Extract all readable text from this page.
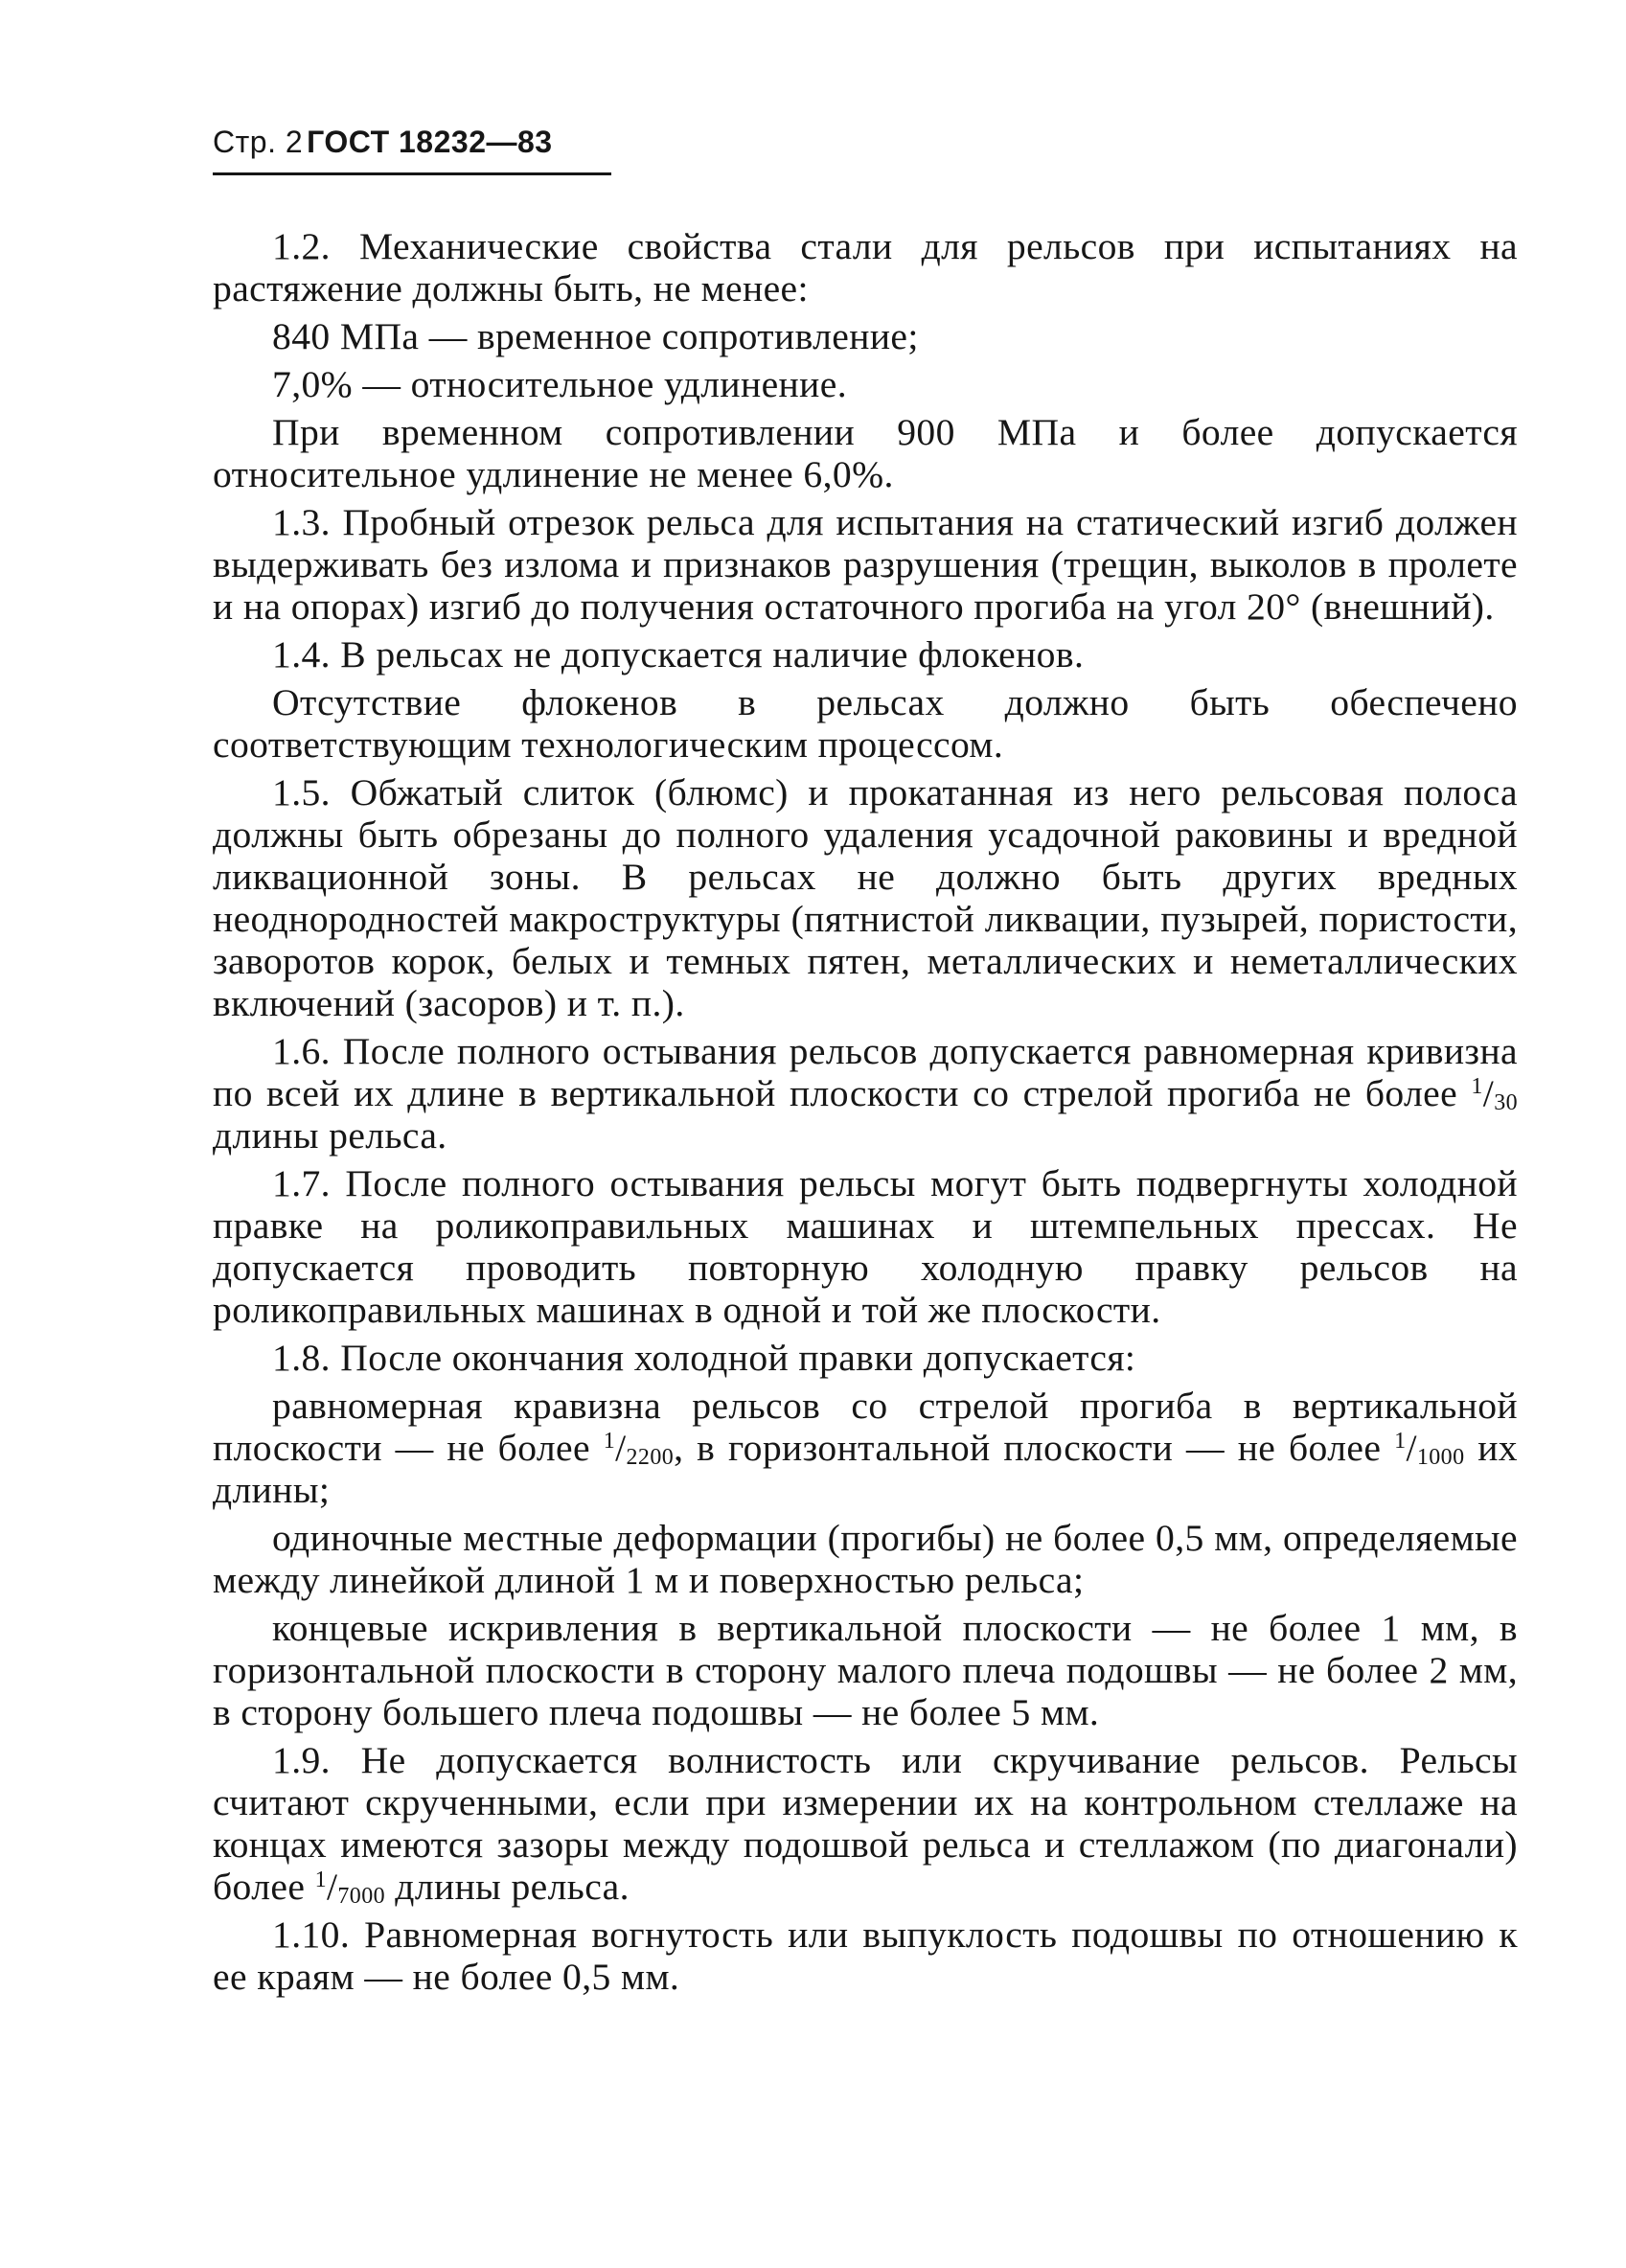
Стр. 2 ГОСТ 18232—83

1.2. Механические свойства стали для рельсов при испытаниях на растяжение должны быть, не менее:

840 МПа — временное сопротивление;

7,0% — относительное удлинение.

При временном сопротивлении 900 МПа и более допускается относительное удлинение не менее 6,0%.

1.3. Пробный отрезок рельса для испытания на статический изгиб должен выдерживать без излома и признаков разрушения (трещин, выколов в пролете и на опорах) изгиб до получения остаточного прогиба на угол 20° (внешний).

1.4. В рельсах не допускается наличие флокенов.

Отсутствие флокенов в рельсах должно быть обеспечено соответствующим технологическим процессом.

1.5. Обжатый слиток (блюмс) и прокатанная из него рельсовая полоса должны быть обрезаны до полного удаления усадочной раковины и вредной ликвационной зоны. В рельсах не должно быть других вредных неоднородностей макроструктуры (пятнистой ликвации, пузырей, пористости, заворотов корок, белых и темных пятен, металлических и неметаллических включений (засоров) и т. п.).

1.6. После полного остывания рельсов допускается равномерная кривизна по всей их длине в вертикальной плоскости со стрелой прогиба не более $^1/_{30}$ длины рельса.

1.7. После полного остывания рельсы могут быть подвергнуты холодной правке на роликоправильных машинах и штемпельных прессах. Не допускается проводить повторную холодную правку рельсов на роликоправильных машинах в одной и той же плоскости.

1.8. После окончания холодной правки допускается:

равномерная кравизна рельсов со стрелой прогиба в вертикальной плоскости — не более $^1/_{2200}$, в горизонтальной плоскости — не более $^1/_{1000}$ их длины;

одиночные местные деформации (прогибы) не более 0,5 мм, определяемые между линейкой длиной 1 м и поверхностью рельса;

концевые искривления в вертикальной плоскости — не более 1 мм, в горизонтальной плоскости в сторону малого плеча подошвы — не более 2 мм, в сторону большего плеча подошвы — не более 5 мм.

1.9. Не допускается волнистость или скручивание рельсов. Рельсы считают скрученными, если при измерении их на контрольном стеллаже на концах имеются зазоры между подошвой рельса и стеллажом (по диагонали) более $^1/_{7000}$ длины рельса.

1.10. Равномерная вогнутость или выпуклость подошвы по отношению к ее краям — не более 0,5 мм.
